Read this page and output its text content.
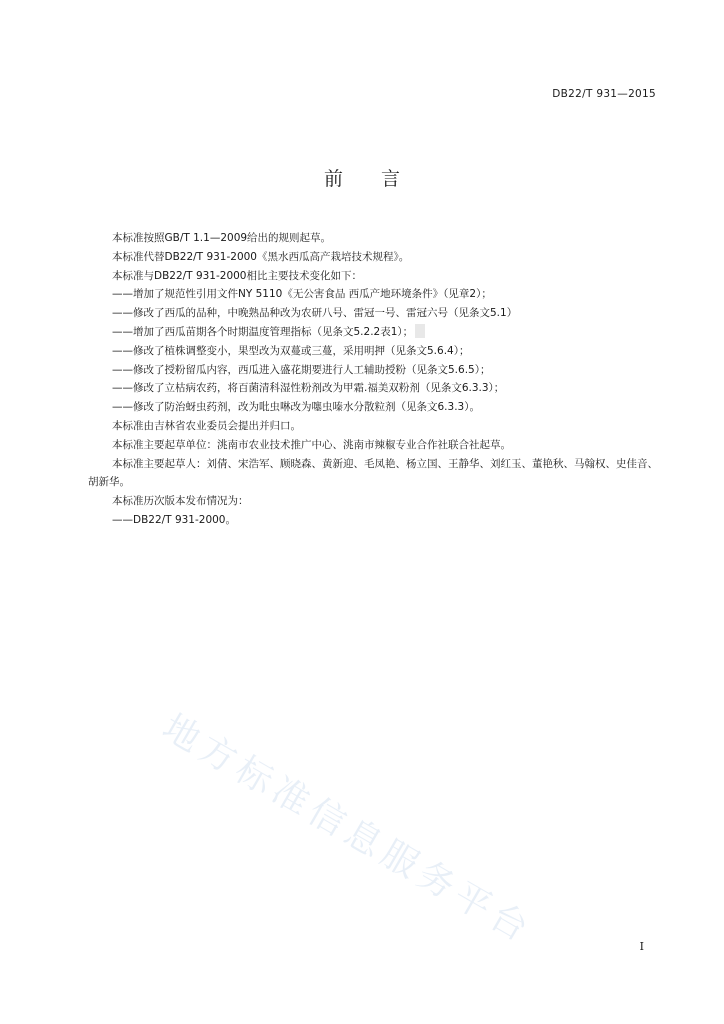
DB22/T 931—2015
前言

本标准按照GB/T 1.1—2009给出的规则起草。

本标准代替DB22/T 931-2000《黑水西瓜高产栽培技术规程》。

本标准与DB22/T 931-2000相比主要技术变化如下：

——增加了规范性引用文件NY 5110《无公害食品 西瓜产地环境条件》（见章2）；

——修改了西瓜的品种，中晚熟品种改为农研八号、雷冠一号、雷冠六号（见条文5.1）

——增加了西瓜苗期各个时期温度管理指标（见条文5.2.2表1）；

——修改了植株调整变小，果型改为双蔓或三蔓，采用明押（见条文5.6.4）；

——修改了授粉留瓜内容，西瓜进入盛花期要进行人工辅助授粉（见条文5.6.5）；

——修改了立枯病农药，将百菌清科湿性粉剂改为甲霜.福美双粉剂（见条文6.3.3）；

——修改了防治蚜虫药剂，改为吡虫啉改为噻虫嗪水分散粒剂（见条文6.3.3）。

本标准由吉林省农业委员会提出并归口。

本标准主要起草单位：洮南市农业技术推广中心、洮南市辣椒专业合作社联合社起草。

本标准主要起草人：刘倩、宋浩军、顾晓森、黄新迎、毛凤艳、杨立国、王静华、刘红玉、董艳秋、马翰权、史佳音、胡新华。

本标准历次版本发布情况为：

——DB22/T 931-2000。

地方标准信息服务平台	I
